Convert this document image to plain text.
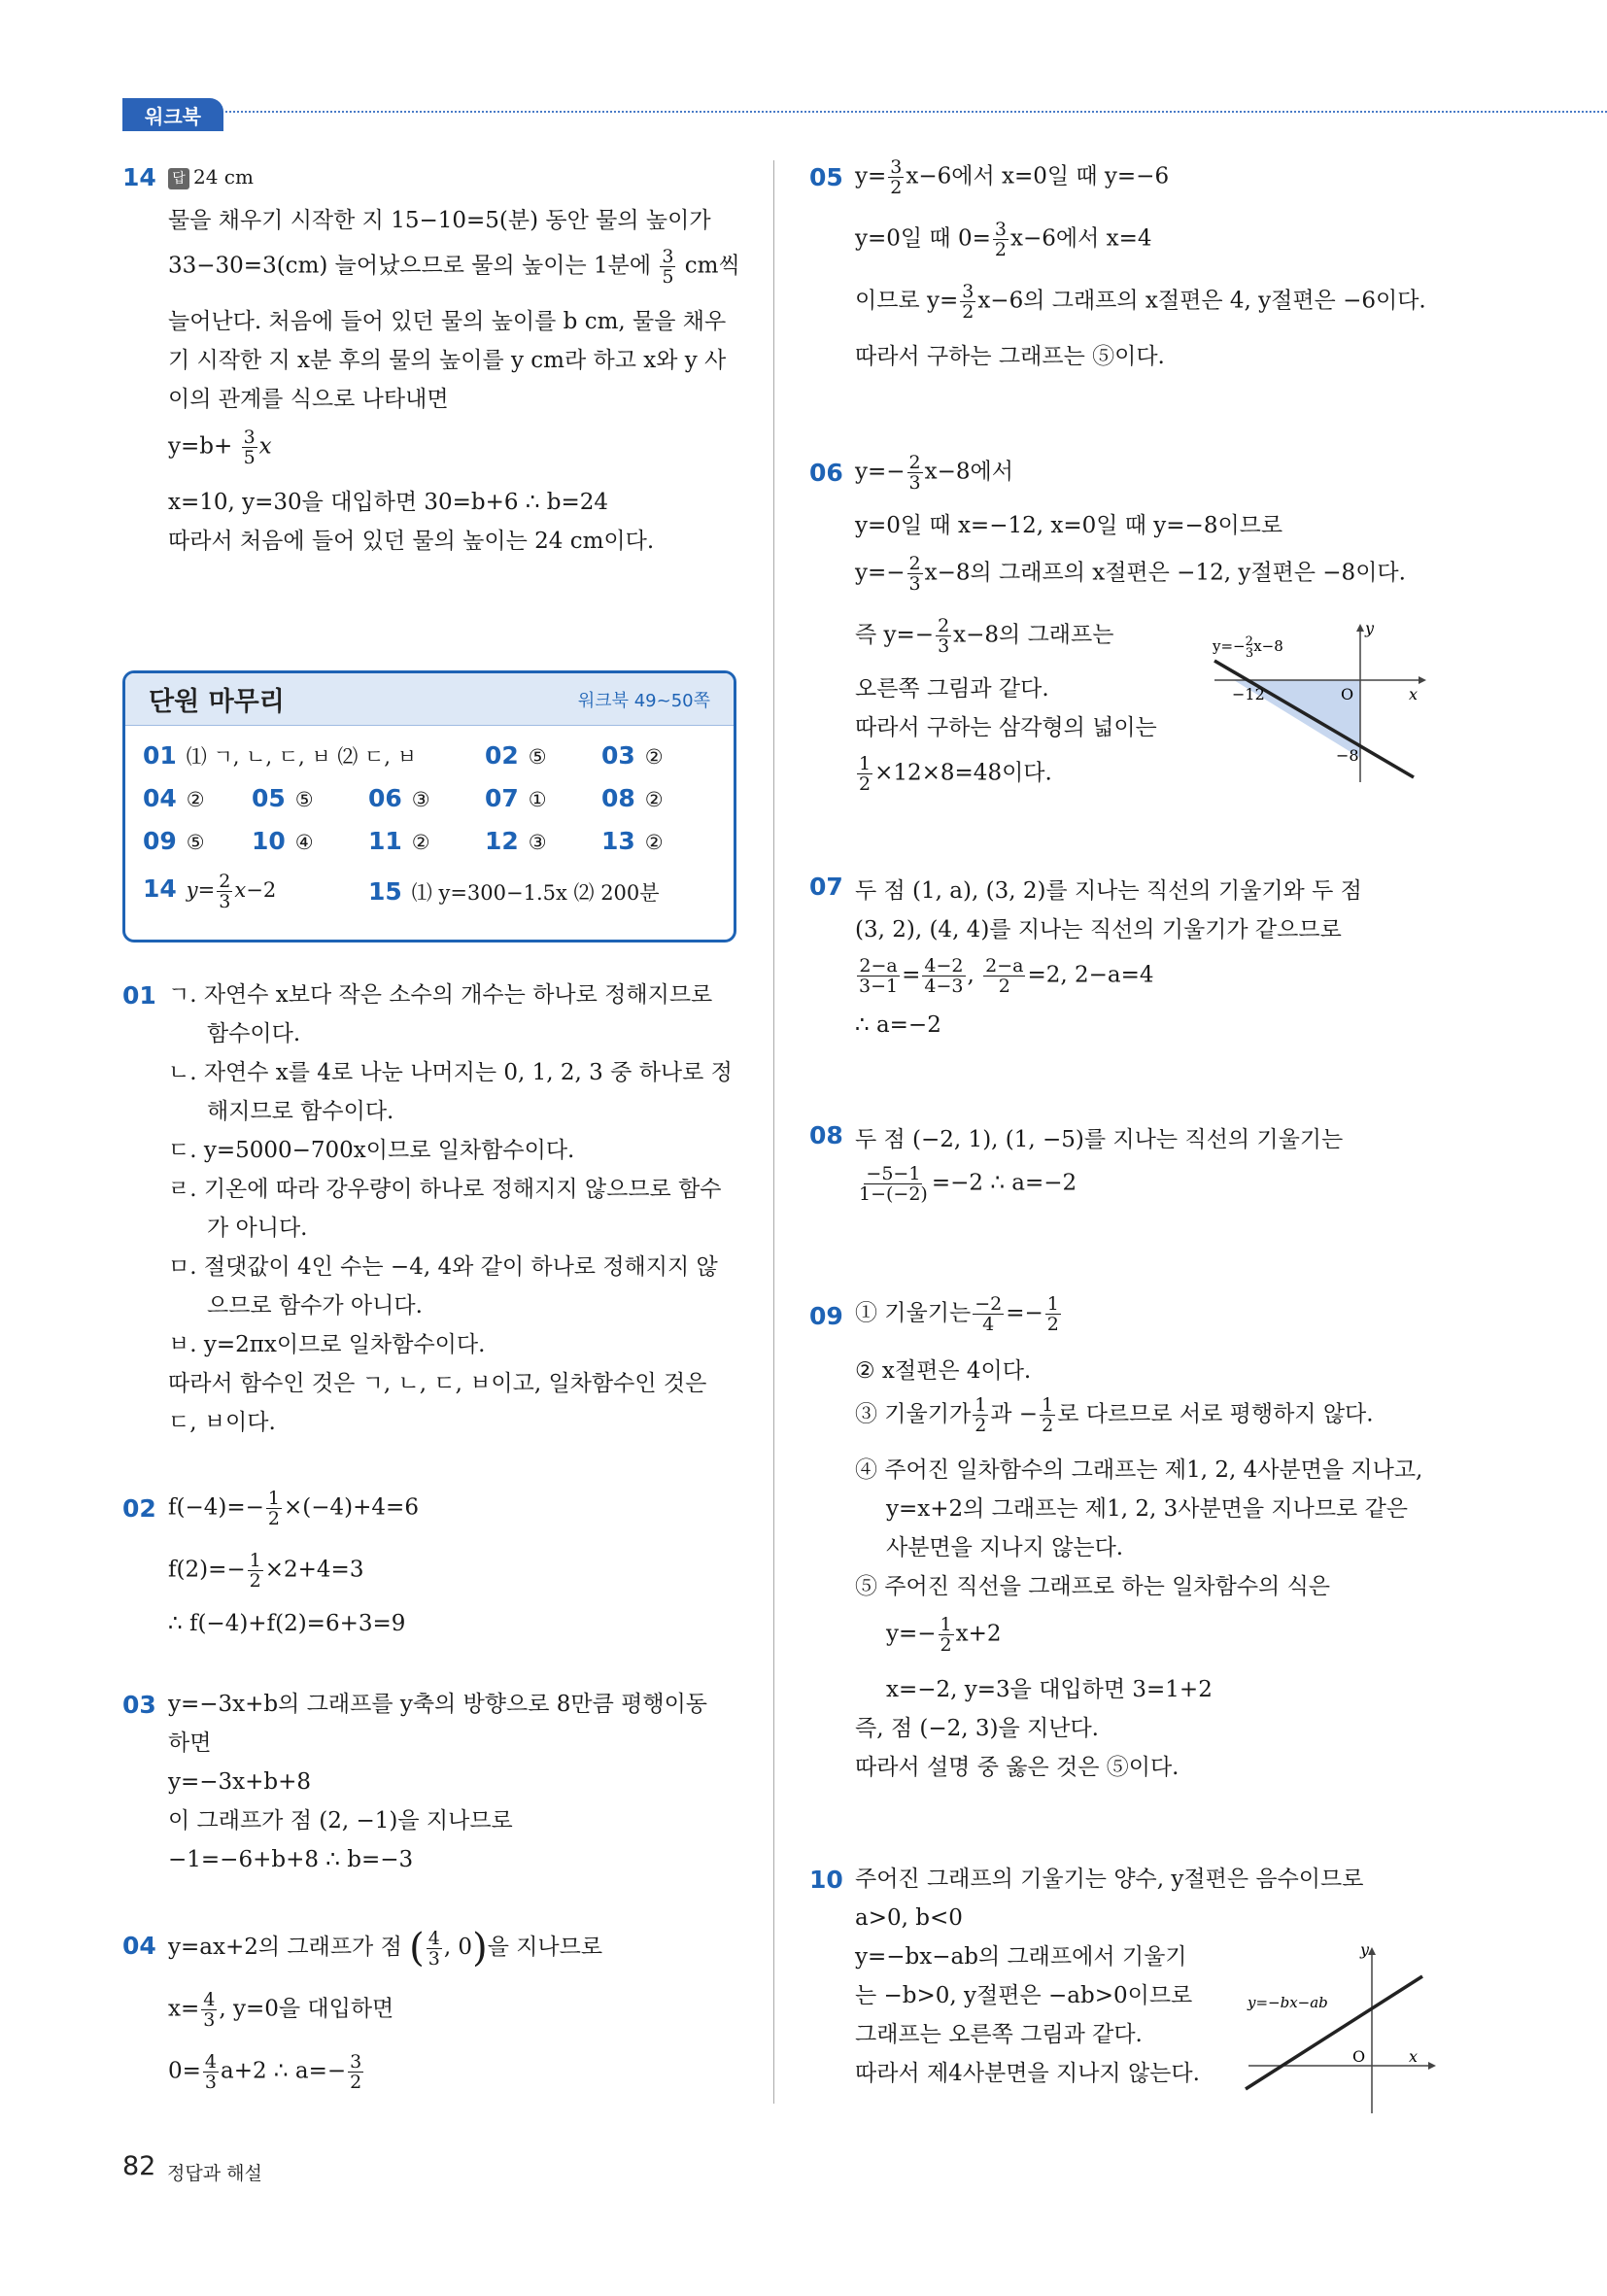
워크북
14	답 24 cm
물을 채우기 시작한 지 15−10=5(분) 동안 물의 높이가
33−30=3(cm) 늘어났으므로 물의 높이는 1분에 $\frac{3}{5}$ cm씩
늘어난다. 처음에 들어 있던 물의 높이를 b cm, 물을 채우
기 시작한 지 x분 후의 물의 높이를 y cm라 하고 x와 y 사
이의 관계를 식으로 나타내면
$y=b+ \frac{3}{5}$ x
x=10, y=30을 대입하면 30=b+6 ∴ b=24
따라서 처음에 들어 있던 물의 높이는 24 cm이다.
단원 마무리	워크북 49~50쪽
01 ⑴ ㄱ, ㄴ, ㄷ, ㅂ ⑵ ㄷ, ㅂ	02 ⑤ 03 ②
04 ② 05 ⑤ 06 ③ 07 ① 08 ②
09 ⑤ 10 ④ 11 ② 12 ③ 13 ②
14 $y= \frac{2}{3} x-2$	15 ⑴ y=300−1.5x ⑵ 200분
01 ㄱ. 자연수 x보다 작은 소수의 개수는 하나로 정해지므로
함수이다.
ㄴ. 자연수 x를 4로 나눈 나머지는 0, 1, 2, 3 중 하나로 정
해지므로 함수이다.
ㄷ. y=5000−700x이므로 일차함수이다.
ㄹ. 기온에 따라 강우량이 하나로 정해지지 않으므로 함수
가 아니다.
ㅁ. 절댓값이 4인 수는 −4, 4와 같이 하나로 정해지지 않
으므로 함수가 아니다.
ㅂ. y=2πx이므로 일차함수이다.
따라서 함수인 것은 ㄱ, ㄴ, ㄷ, ㅂ이고, 일차함수인 것은
ㄷ, ㅂ이다.
02 $f(-4)=- \frac{1}{2} \times(-4)+4=6$
$f(2)=- \frac{1}{2} \times 2+4=3$
∴ f(−4)+f(2)=6+3=9
03 y=−3x+b의 그래프를 y축의 방향으로 8만큼 평행이동
하면
y=−3x+b+8
이 그래프가 점 (2, −1)을 지나므로
−1=−6+b+8 ∴ b=−3
04 y=ax+2의 그래프가 점 ( $\frac{4}{3}$ , 0)을 지나므로
$x= \frac{4}{3}$ , y=0을 대입하면
$0= \frac{4}{3} a+2$ ∴ $a=- \frac{3}{2}$
05 $y= \frac{3}{2} x-6$에서 x=0일 때 y=−6
y=0일 때 $0= \frac{3}{2} x-6$에서 x=4
이므로 $y= \frac{3}{2} x-6$의 그래프의 x절편은 4, y절편은 −6이다.
따라서 구하는 그래프는 ⑤이다.
06 $y=- \frac{2}{3} x-8$에서
y=0일 때 x=−12, x=0일 때 y=−8이므로
$y=- \frac{2}{3} x-8$의 그래프의 x절편은 −12, y절편은 −8이다.
즉 $y=- \frac{2}{3} x-8$의 그래프는
오른쪽 그림과 같다.
따라서 구하는 삼각형의 넓이는
$\frac{1}{2} \times 12\times 8=48$이다.
y=−2 3x−8
−12	O
−8
x
y
07 두 점 (1, a), (3, 2)를 지나는 직선의 기울기와 두 점
(3, 2), (4, 4)를 지나는 직선의 기울기가 같으므로
$\frac{2-a}{3-1} = \frac{4-2}{4-3}$ , $\frac{2-a}{2} =2$, 2−a=4
∴ a=−2
08 두 점 (−2, 1), (1, −5)를 지나는 직선의 기울기는
$\frac{-5-1}{1-(-2)} =-2$ ∴ a=−2
09 ① 기울기는 $\frac{-2}{4} =- \frac{1}{2}$
② x절편은 4이다.
③ 기울기가 $\frac{1}{2}$ 과 − $\frac{1}{2}$ 로 다르므로 서로 평행하지 않다.
④ 주어진 일차함수의 그래프는 제1, 2, 4사분면을 지나고,
y=x+2의 그래프는 제1, 2, 3사분면을 지나므로 같은
사분면을 지나지 않는다.
⑤ 주어진 직선을 그래프로 하는 일차함수의 식은
$y=- \frac{1}{2} x+2$
x=−2, y=3을 대입하면 3=1+2
즉, 점 (−2, 3)을 지난다.
따라서 설명 중 옳은 것은 ⑤이다.
10 주어진 그래프의 기울기는 양수, y절편은 음수이므로
a>0, b<0
y=−bx−ab의 그래프에서 기울기
는 −b>0, y절편은 −ab>0이므로
그래프는 오른쪽 그림과 같다.
따라서 제4사분면을 지나지 않는다.
y=−bx−ab
O	x
y
82 정답과 해설
